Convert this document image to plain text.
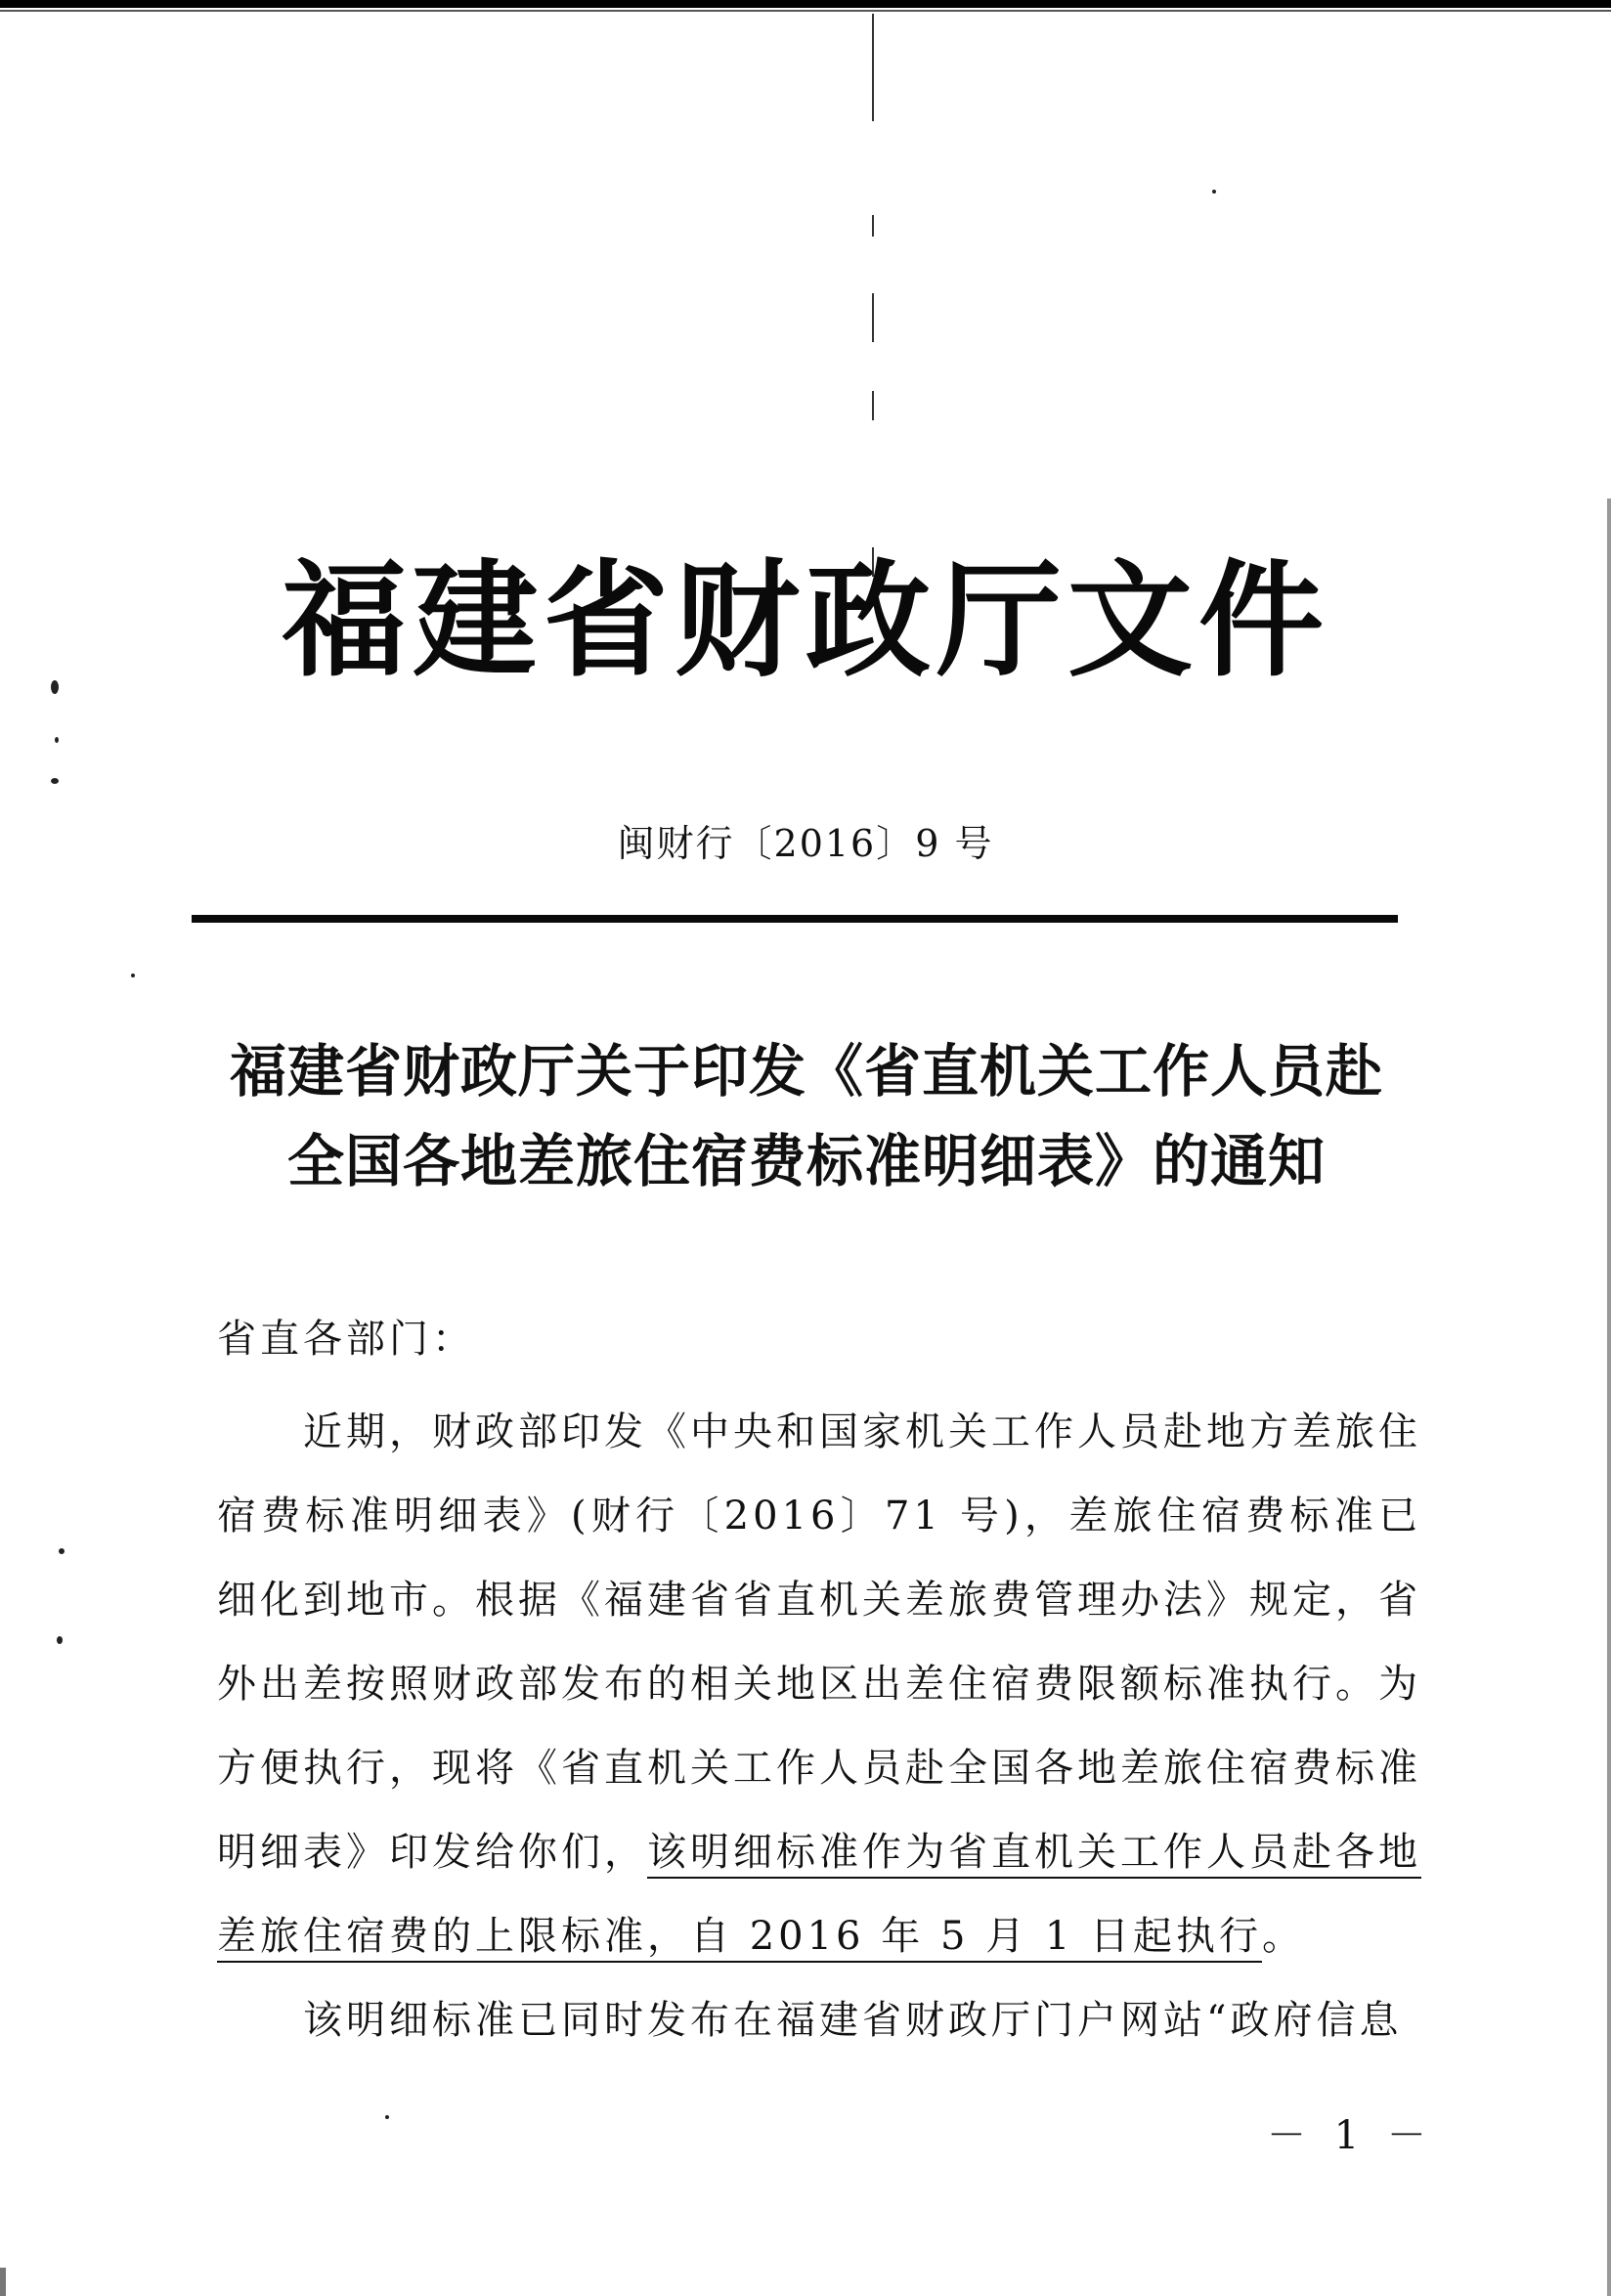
福建省财政厅文件
闽财行〔2016〕9 号
福建省财政厅关于印发《省直机关工作人员赴
全国各地差旅住宿费标准明细表》的通知
省直各部门：

近期，财政部印发《中央和国家机关工作人员赴地方差旅住宿费标准明细表》(财行〔2016〕71 号)，差旅住宿费标准已细化到地市。根据《福建省省直机关差旅费管理办法》规定，省外出差按照财政部发布的相关地区出差住宿费限额标准执行。为方便执行，现将《省直机关工作人员赴全国各地差旅住宿费标准明细表》印发给你们，该明细标准作为省直机关工作人员赴各地差旅住宿费的上限标准，自 2016 年 5 月 1 日起执行。

该明细标准已同时发布在福建省财政厅门户网站“政府信息

－ 1 －
